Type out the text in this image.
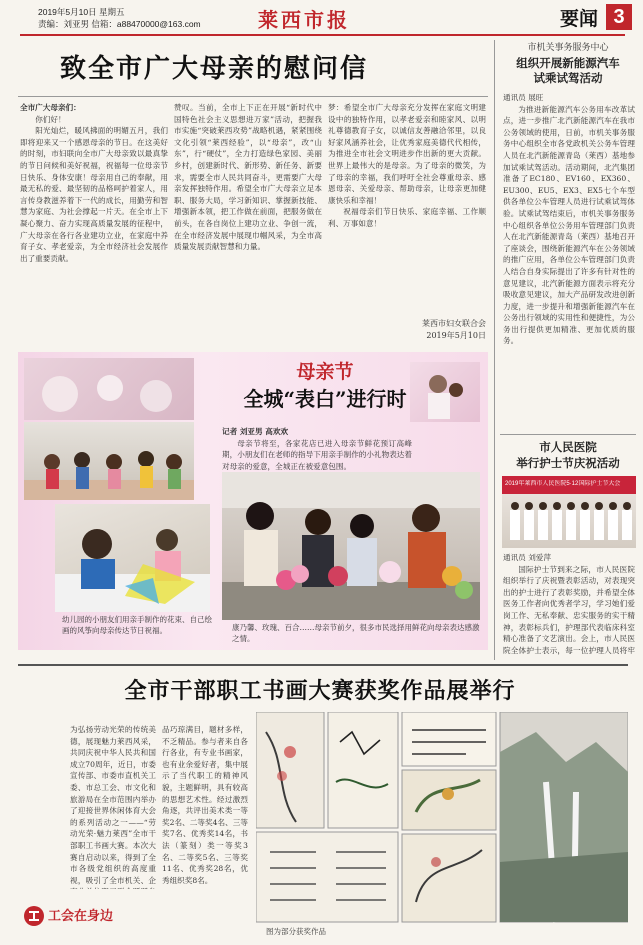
2019年5月10日 星期五
责编：刘亚男 信箱：a88470000@163.com	莱西市报	要闻 3
致全市广大母亲的慰问信
全市广大母亲们：
你们好！
阳光灿烂，暖风拂面的明媚五月，我们即将迎来又一个感恩母亲的节日。在这美好的时刻，市妇联向全市广大母亲致以最真挚的节日问候和美好祝福，祝福每一位母亲节日快乐、身体安康！母亲用自己的奉献，用最无私的爱、最坚韧的品格呵护着家人，用言传身教滋养着下一代的成长，用勤劳和智慧为家庭、为社会撑起一片天。在全市上下凝心聚力、奋力实现高质量发展的征程中，广大母亲在各行各业建功立业，在家庭中养育子女、孝老爱亲，为全市经济社会发展作出了重要贡献。
赞叹。当前，全市上下正在开展“新时代中国特色社会主义思想进万家”活动，把握我市实施“突破莱西攻势”战略机遇，紧紧围绕文化引领“莱西经验”，以“母亲”，改“山东”，行“硬仗”，全力打造绿色家园、美丽乡村，创建新时代、新形势、新任务、新要求，需要全市人民共同奋斗，更需要广大母亲发挥独特作用。希望全市广大母亲立足本职、服务大局，学习新知识、掌握新技能、增强新本领，把工作做在前面，把服务做在前头，在各自岗位上建功立业、争创一流，在全市经济发展中展现巾帼风采，为全市高质量发展贡献智慧和力量。
梦：希望全市广大母亲充分发挥在家庭文明建设中的独特作用，以孝老爱亲和睦家风、以明礼尊德教育子女，以诚信友善融洽邻里，以良好家风涵养社会，让优秀家庭美德代代相传，为推进全市社会文明进步作出新的更大贡献。世界上最伟大的是母亲。为了母亲的微笑，为了母亲的幸福，我们呼吁全社会尊重母亲、感恩母亲、关爱母亲、帮助母亲，让母亲更加健康快乐和幸福！
祝福母亲们节日快乐、家庭幸福、工作顺利、万事如意！
莱西市妇女联合会
2019年5月10日
幼儿园的小朋友们用亲手制作的花束、自己绘画的风筝向母亲传达节日祝福。
母亲节
全城“表白”进行时
记者 刘亚男 高欢欢
母亲节将至，各家花店已进入母亲节鲜花预订高峰期，小朋友们在老师的指导下用亲手制作的小礼物表达着对母亲的爱意，全城正在被爱意包围。
康乃馨、玫瑰、百合……母亲节前夕，很多市民选择用鲜花向母亲表达感激之情。
市机关事务服务中心
组织开展新能源汽车
试乘试驾活动
通讯员 展旺
为推进新能源汽车公务用车改革试点，进一步推广北汽新能源汽车在我市公务领域的使用，日前，市机关事务服务中心组织全市各党政机关公务车管理人员在北汽新能源青岛（莱西）基地参加试乘试驾活动。活动期间，北汽集团准备了EC180、EV160、EX360、EU300、EU5、EX3、EX5七个车型供各单位公车管理人员进行试乘试驾体验。试乘试驾结束后，市机关事务服务中心组织各单位公务用车管理部门负责人在北汽新能源青岛（莱西）基地召开了座谈会，围绕新能源汽车在公务领域的推广应用，各单位公车管理部门负责人结合自身实际提出了许多有针对性的意见建议，北汽新能源方面表示将充分吸收意见建议，加大产品研发改进创新力度，进一步提升和增强新能源汽车在公务出行领域的实用性和便捷性，为公务出行提供更加精准、更加优质的服务。
市人民医院
举行护士节庆祝活动
2019年莱西市人民医院5·12国际护士节大会
通讯员 刘爱萍
国际护士节到来之际，市人民医院组织举行了庆祝暨表彰活动，对表现突出的护士进行了表彰奖励，并希望全体医务工作者向优秀者学习，学习她们爱岗工作、无私奉献、忠实服务的实干精神，表彰标兵们，护理部代表临床科室精心准备了文艺演出。会上，市人民医院全体护士表示，每一位护理人员将牢
全市干部职工书画大赛获奖作品展举行
为弘扬劳动光荣的传统美德，展现魅力莱西风采，共同庆祝中华人民共和国成立70周年，近日，市委宣传部、市委市直机关工委、市总工会、市文化和旅游局在全市范围内举办了迎接世界休闲体育大会的系列活动之一——“劳动光荣·魅力莱西”全市干部职工书画大赛。本次大赛自启动以来，得到了全市各级党组织的高度重视，吸引了全市机关、企
品巧琼满目，题材多样，不乏精品。参与者来自各行各业，有专业书画家，也有业余爱好者，集中展示了当代职工的精神风貌，主题鲜明，具有较高的思想艺术性。经过激烈角逐，共评出美术类一等奖2名、二等奖4名、三等奖7名、优秀奖14名，书法（篆刻）类一等奖3名、二等奖5名、三等奖11名、优秀奖28名，优秀组织奖8名。
图为部分获奖作品
工会在身边
